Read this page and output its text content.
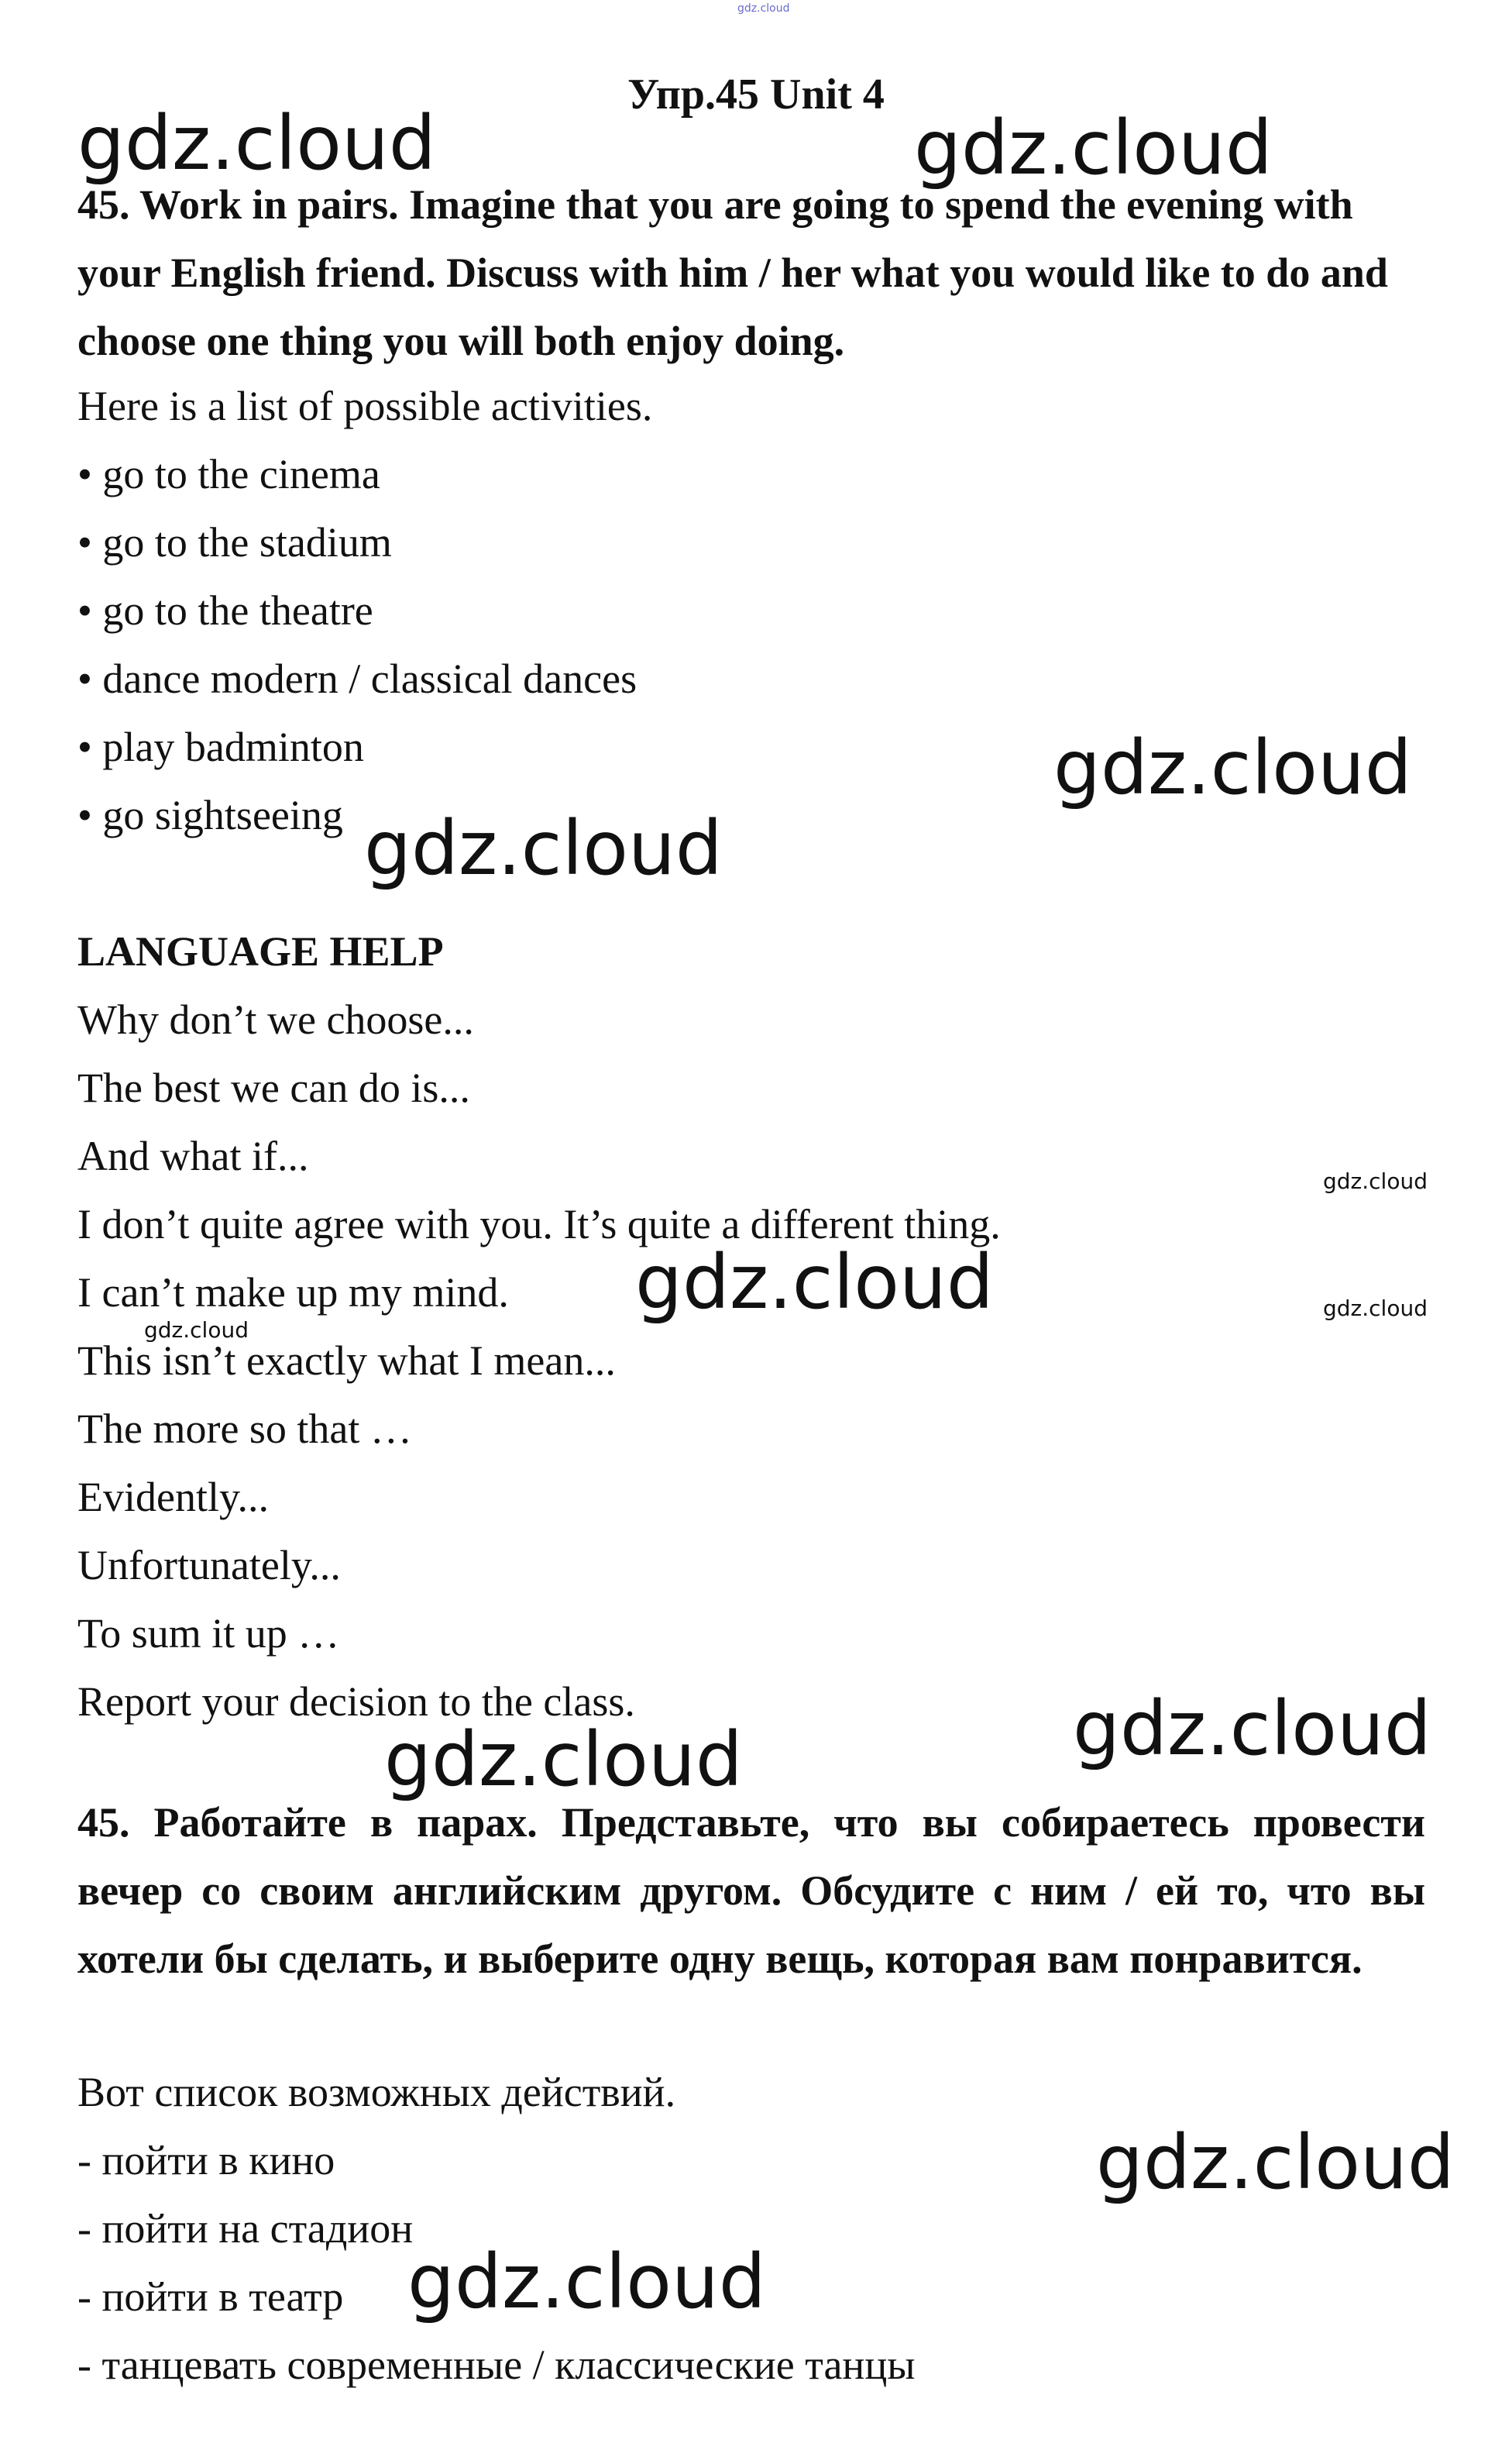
gdz.cloud
Упр.45 Unit 4
45. Work in pairs. Imagine that you are going to spend the evening with your English friend. Discuss with him / her what you would like to do and choose one thing you will both enjoy doing.
Here is a list of possible activities.
• go to the cinema
• go to the stadium
• go to the theatre
• dance modern / classical dances
• play badminton
• go sightseeing
LANGUAGE HELP
Why don’t we choose...
The best we can do is...
And what if...
I don’t quite agree with you. It’s quite a different thing.
I can’t make up my mind.
This isn’t exactly what I mean...
The more so that …
Evidently...
Unfortunately...
To sum it up …
Report your decision to the class.
45. Работайте в парах. Представьте, что вы собираетесь провести вечер со своим английским другом. Обсудите с ним / ей то, что вы хотели бы сделать, и выберите одну вещь, которая вам понравится.
Вот список возможных действий.
- пойти в кино
- пойти на стадион
- пойти в театр
- танцевать современные / классические танцы
gdz.cloud	gdz.cloud
gdz.cloud
gdz.cloud
gdz.cloud
gdz.cloud	gdz.cloud
gdz.cloud
gdz.cloud
gdz.cloud
gdz.cloud
gdz.cloud
